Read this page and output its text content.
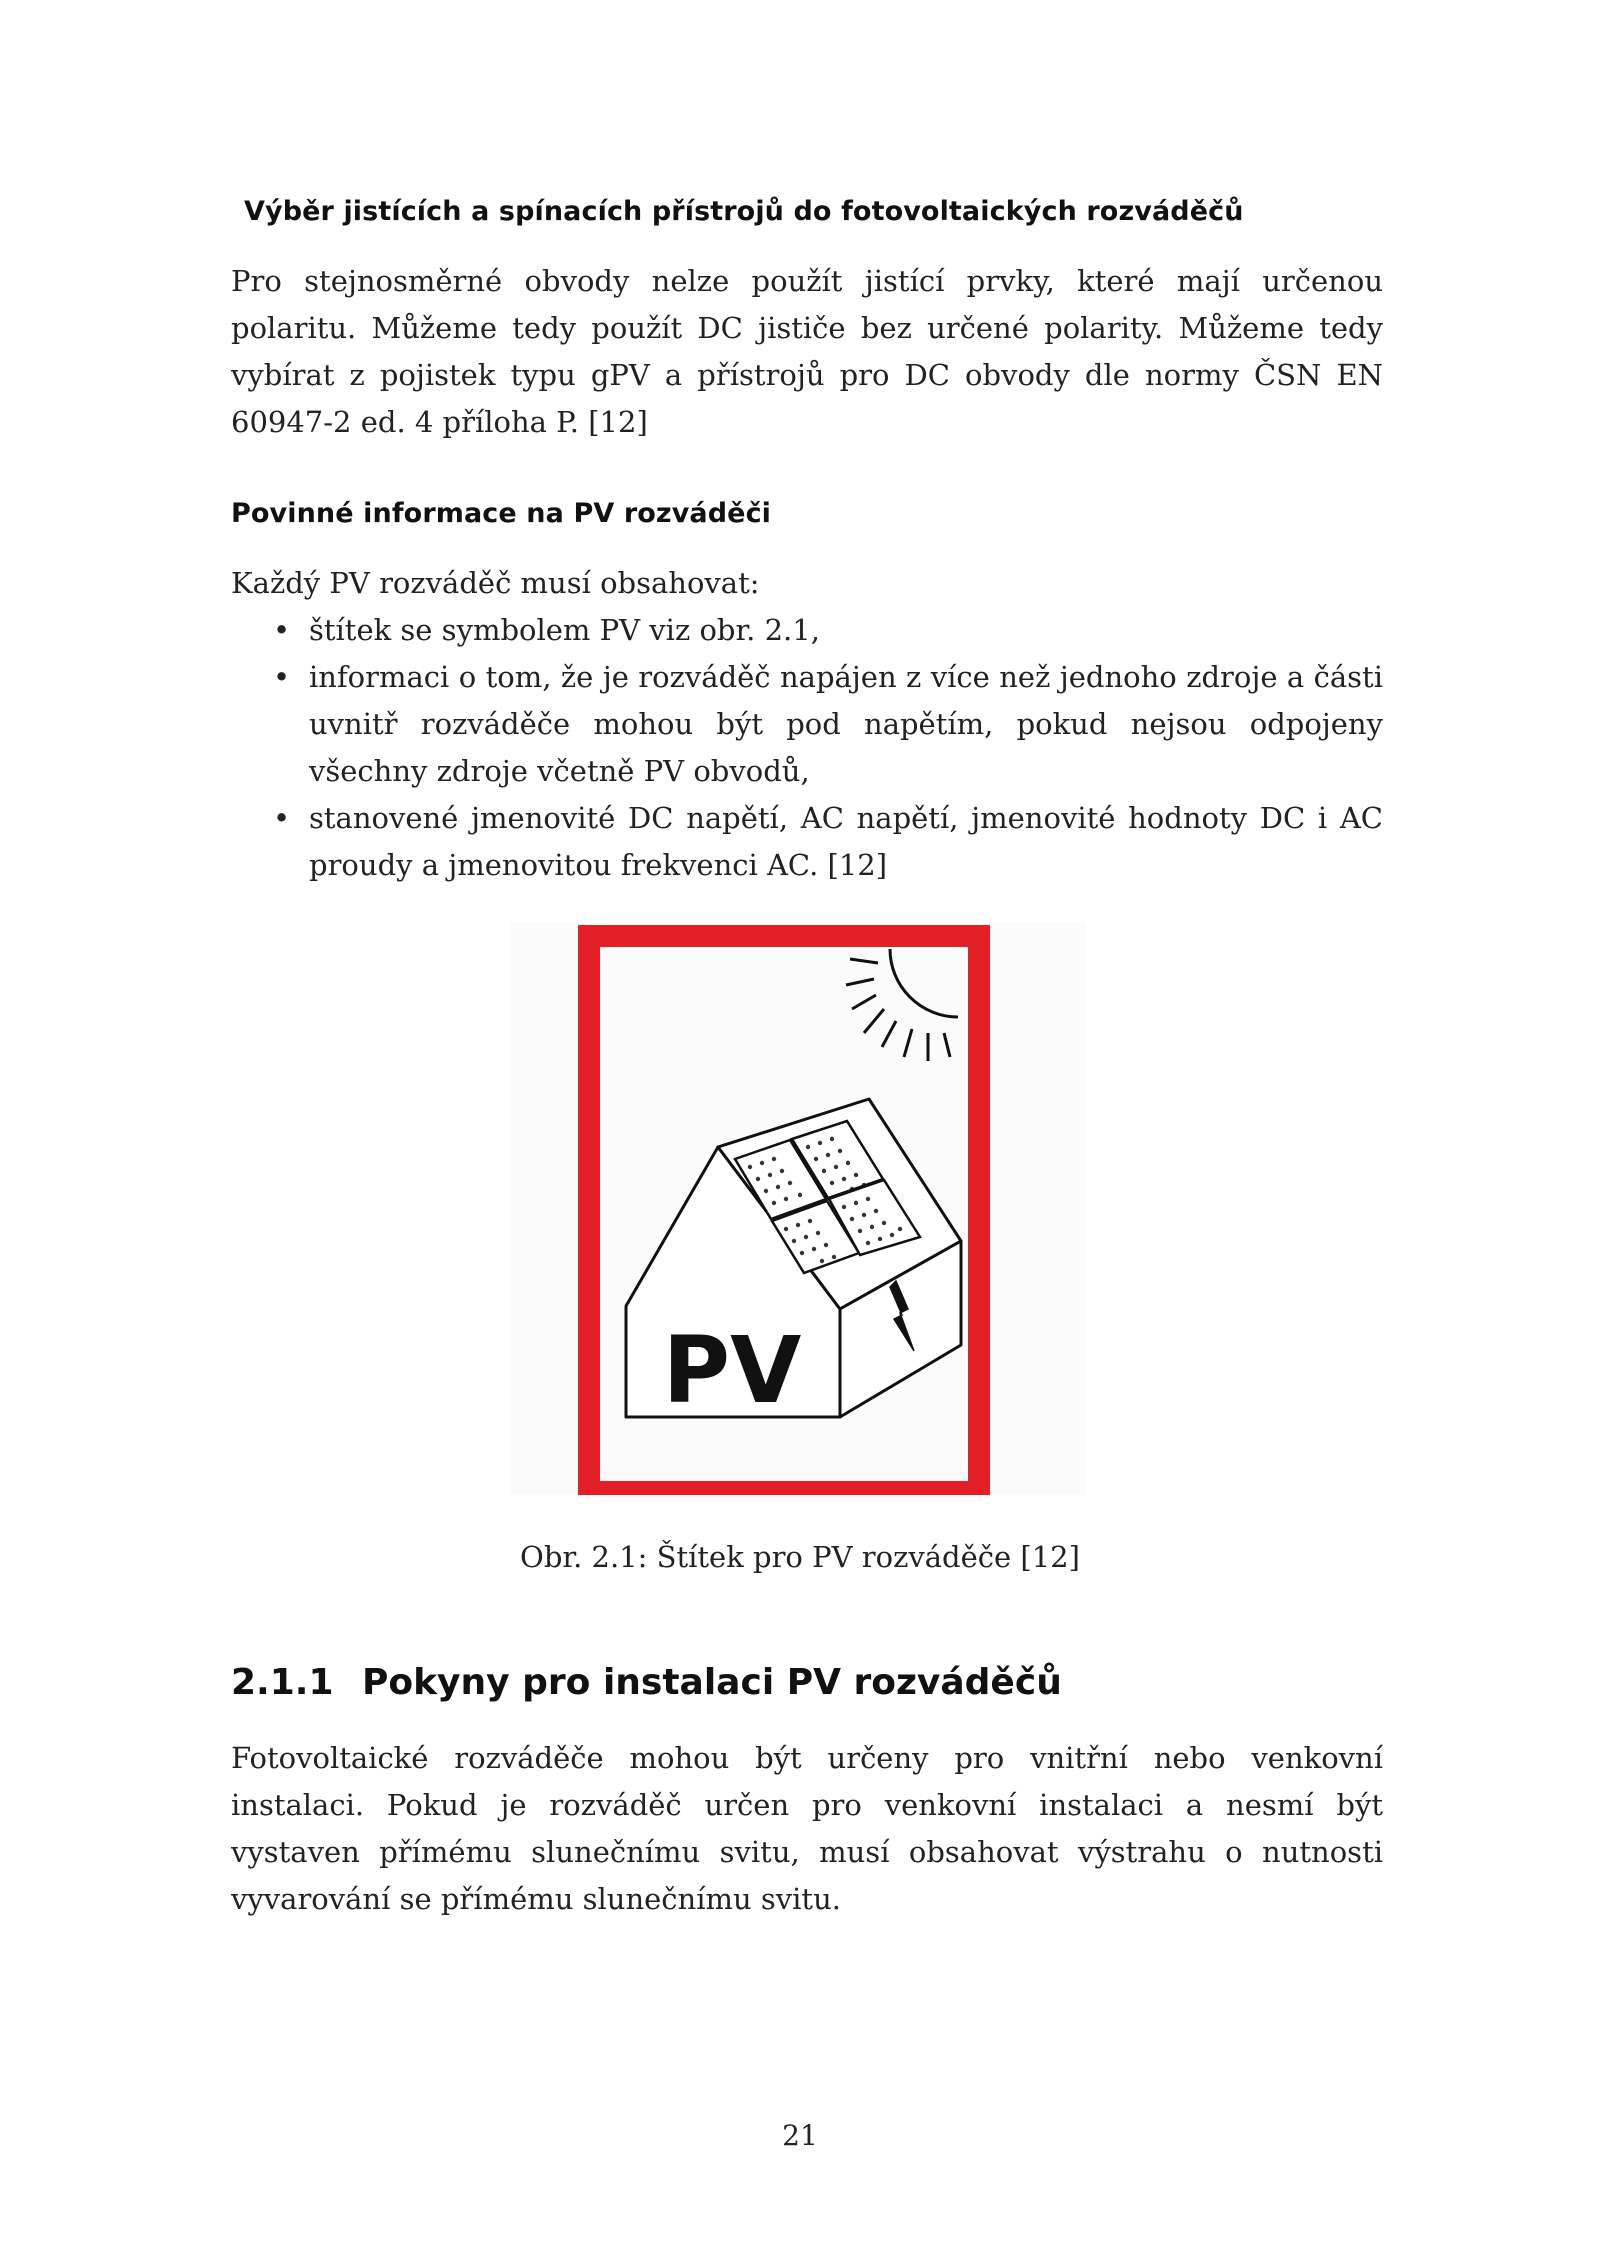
Výběr jistících a spínacích přístrojů do fotovoltaických rozváděčů
Pro stejnosměrné obvody nelze použít jistící prvky, které mají určenou polaritu. Můžeme tedy použít DC jističe bez určené polarity. Můžeme tedy vybírat z pojistek typu gPV a přístrojů pro DC obvody dle normy ČSN EN 60947-2 ed. 4 příloha P. [12]
Povinné informace na PV rozváděči
Každý PV rozváděč musí obsahovat:
• štítek se symbolem PV viz obr. 2.1,
• informaci o tom, že je rozváděč napájen z více než jednoho zdroje a části uvnitř rozváděče mohou být pod napětím, pokud nejsou odpojeny všechny zdroje včetně PV obvodů,
• stanovené jmenovité DC napětí, AC napětí, jmenovité hodnoty DC i AC proudy a jmenovitou frekvenci AC. [12]
PV
Obr. 2.1: Štítek pro PV rozváděče [12]
2.1.1 Pokyny pro instalaci PV rozváděčů
Fotovoltaické rozváděče mohou být určeny pro vnitřní nebo venkovní instalaci. Pokud je rozváděč určen pro venkovní instalaci a nesmí být vystaven přímému slunečnímu svitu, musí obsahovat výstrahu o nutnosti vyvarování se přímému slunečnímu svitu.
21
